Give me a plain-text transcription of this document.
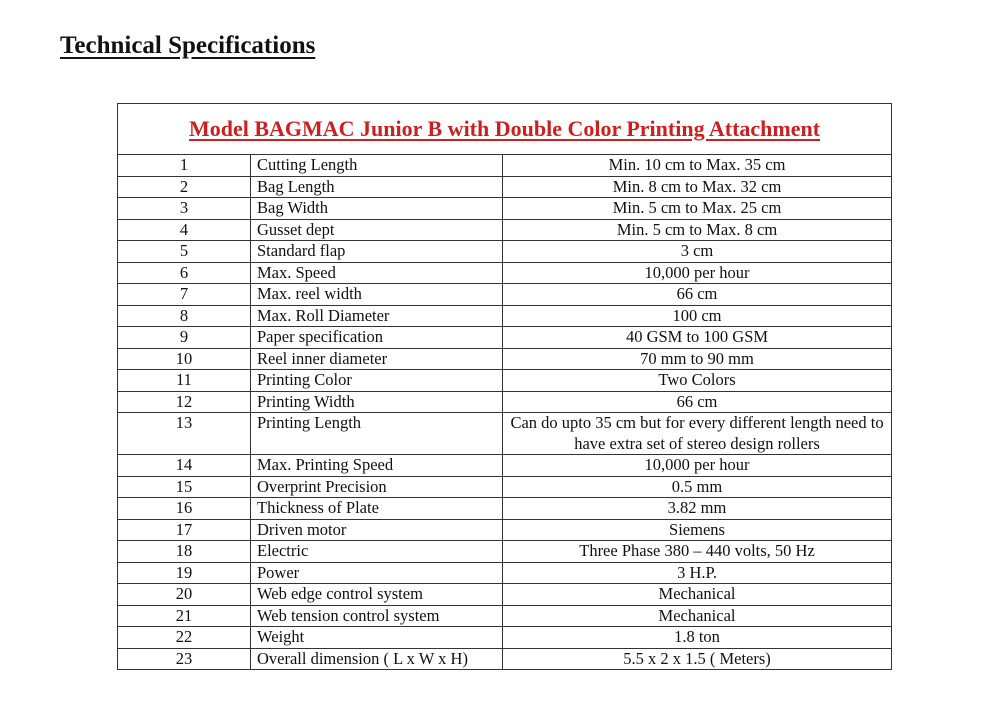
Technical Specifications
Model BAGMAC Junior B with Double Color Printing Attachment		
1	Cutting Length	Min. 10 cm to Max. 35 cm
2	Bag Length	Min. 8 cm to Max. 32 cm
3	Bag Width	Min. 5 cm to Max. 25 cm
4	Gusset dept	Min. 5 cm to Max. 8 cm
5	Standard flap	3 cm
6	Max. Speed	10,000 per hour
7	Max. reel width	66 cm
8	Max. Roll Diameter	100 cm
9	Paper specification	40 GSM to 100 GSM
10	Reel inner diameter	70 mm to 90 mm
11	Printing Color	Two Colors
12	Printing Width	66 cm
13	Printing Length	Can do upto 35 cm but for every different length need to have extra set of stereo design rollers
14	Max. Printing Speed	10,000 per hour
15	Overprint Precision	0.5 mm
16	Thickness of Plate	3.82 mm
17	Driven motor	Siemens
18	Electric	Three Phase 380 – 440 volts, 50 Hz
19	Power	3 H.P.
20	Web edge control system	Mechanical
21	Web tension control system	Mechanical
22	Weight	1.8 ton
23	Overall dimension ( L x W x H)	5.5 x 2 x 1.5 ( Meters)
